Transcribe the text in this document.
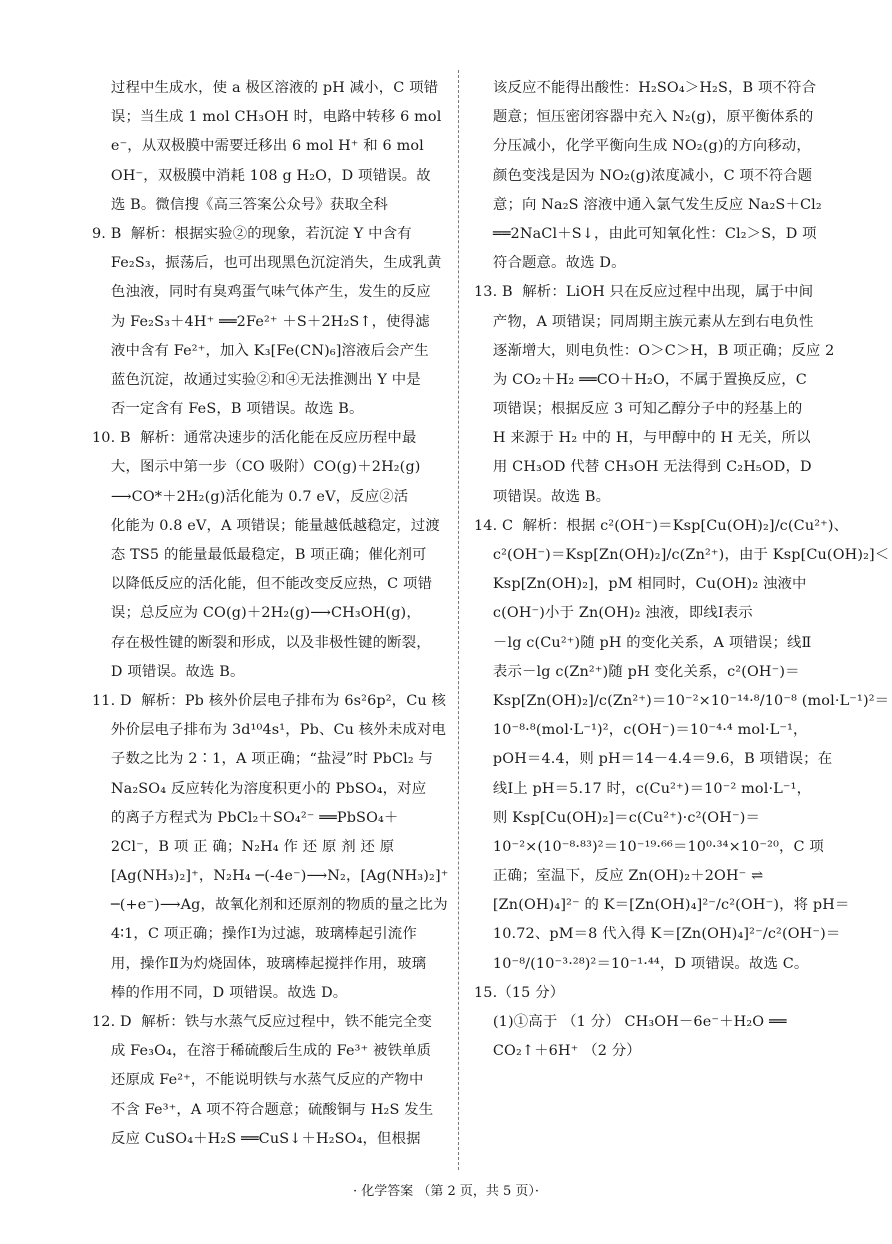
过程中生成水，使 a 极区溶液的 pH 减小，C 项错
误；当生成 1 mol CH₃OH 时，电路中转移 6 mol
e⁻，从双极膜中需要迁移出 6 mol H⁺ 和 6 mol
OH⁻，双极膜中消耗 108 g H₂O，D 项错误。故
选 B。微信搜《高三答案公众号》获取全科
9. B  解析：根据实验②的现象，若沉淀 Y 中含有
Fe₂S₃，振荡后，也可出现黑色沉淀消失，生成乳黄
色浊液，同时有臭鸡蛋气味气体产生，发生的反应
为 Fe₂S₃＋4H⁺ ══2Fe²⁺ ＋S＋2H₂S↑，使得滤
液中含有 Fe²⁺，加入 K₃[Fe(CN)₆]溶液后会产生
蓝色沉淀，故通过实验②和④无法推测出 Y 中是
否一定含有 FeS，B 项错误。故选 B。
10. B  解析：通常决速步的活化能在反应历程中最
大，图示中第一步（CO 吸附）CO(g)＋2H₂(g)
⟶CO*＋2H₂(g)活化能为 0.7 eV，反应②活
化能为 0.8 eV，A 项错误；能量越低越稳定，过渡
态 TS5 的能量最低最稳定，B 项正确；催化剂可
以降低反应的活化能，但不能改变反应热，C 项错
误；总反应为 CO(g)＋2H₂(g)⟶CH₃OH(g)，
存在极性键的断裂和形成，以及非极性键的断裂，
D 项错误。故选 B。
11. D  解析：Pb 核外价层电子排布为 6s²6p²，Cu 核
外价层电子排布为 3d¹⁰4s¹，Pb、Cu 核外未成对电
子数之比为 2∶1，A 项正确；“盐浸”时 PbCl₂ 与
Na₂SO₄ 反应转化为溶度积更小的 PbSO₄，对应
的离子方程式为 PbCl₂＋SO₄²⁻ ══PbSO₄＋
2Cl⁻，B 项 正 确；N₂H₄ 作 还 原 剂 还 原
[Ag(NH₃)₂]⁺，N₂H₄ ─(-4e⁻)⟶N₂，[Ag(NH₃)₂]⁺
─(+e⁻)⟶Ag，故氧化剂和还原剂的物质的量之比为
4∶1，C 项正确；操作Ⅰ为过滤，玻璃棒起引流作
用，操作Ⅱ为灼烧固体，玻璃棒起搅拌作用，玻璃
棒的作用不同，D 项错误。故选 D。
12. D  解析：铁与水蒸气反应过程中，铁不能完全变
成 Fe₃O₄，在溶于稀硫酸后生成的 Fe³⁺ 被铁单质
还原成 Fe²⁺，不能说明铁与水蒸气反应的产物中
不含 Fe³⁺，A 项不符合题意；硫酸铜与 H₂S 发生
反应 CuSO₄＋H₂S ══CuS↓＋H₂SO₄，但根据
该反应不能得出酸性：H₂SO₄＞H₂S，B 项不符合
题意；恒压密闭容器中充入 N₂(g)，原平衡体系的
分压减小，化学平衡向生成 NO₂(g)的方向移动，
颜色变浅是因为 NO₂(g)浓度减小，C 项不符合题
意；向 Na₂S 溶液中通入氯气发生反应 Na₂S＋Cl₂
══2NaCl＋S↓，由此可知氧化性：Cl₂＞S，D 项
符合题意。故选 D。
13. B  解析：LiOH 只在反应过程中出现，属于中间
产物，A 项错误；同周期主族元素从左到右电负性
逐渐增大，则电负性：O＞C＞H，B 项正确；反应 2
为 CO₂＋H₂ ══CO＋H₂O，不属于置换反应，C
项错误；根据反应 3 可知乙醇分子中的羟基上的
H 来源于 H₂ 中的 H，与甲醇中的 H 无关，所以
用 CH₃OD 代替 CH₃OH 无法得到 C₂H₅OD，D
项错误。故选 B。
14. C  解析：根据 c²(OH⁻)＝Ksp[Cu(OH)₂]/c(Cu²⁺)、
c²(OH⁻)＝Ksp[Zn(OH)₂]/c(Zn²⁺)，由于 Ksp[Cu(OH)₂]＜
Ksp[Zn(OH)₂]，pM 相同时，Cu(OH)₂ 浊液中
c(OH⁻)小于 Zn(OH)₂ 浊液，即线Ⅰ表示
－lg c(Cu²⁺)随 pH 的变化关系，A 项错误；线Ⅱ
表示－lg c(Zn²⁺)随 pH 变化关系，c²(OH⁻)＝
Ksp[Zn(OH)₂]/c(Zn²⁺)＝10⁻²×10⁻¹⁴·⁸/10⁻⁸ (mol·L⁻¹)²＝
10⁻⁸·⁸(mol·L⁻¹)²，c(OH⁻)＝10⁻⁴·⁴ mol·L⁻¹，
pOH＝4.4，则 pH＝14－4.4＝9.6，B 项错误；在
线Ⅰ上 pH＝5.17 时，c(Cu²⁺)＝10⁻² mol·L⁻¹，
则 Ksp[Cu(OH)₂]＝c(Cu²⁺)·c²(OH⁻)＝
10⁻²×(10⁻⁸·⁸³)²＝10⁻¹⁹·⁶⁶＝10⁰·³⁴×10⁻²⁰，C 项
正确；室温下，反应 Zn(OH)₂＋2OH⁻ ⇌
[Zn(OH)₄]²⁻ 的 K＝[Zn(OH)₄]²⁻/c²(OH⁻)，将 pH＝
10.72、pM＝8 代入得 K＝[Zn(OH)₄]²⁻/c²(OH⁻)＝
10⁻⁸/(10⁻³·²⁸)²＝10⁻¹·⁴⁴，D 项错误。故选 C。
15.（15 分）
(1)①高于 （1 分） CH₃OH－6e⁻＋H₂O ══
CO₂↑＋6H⁺ （2 分）
· 化学答案 （第 2 页，共 5 页）·
